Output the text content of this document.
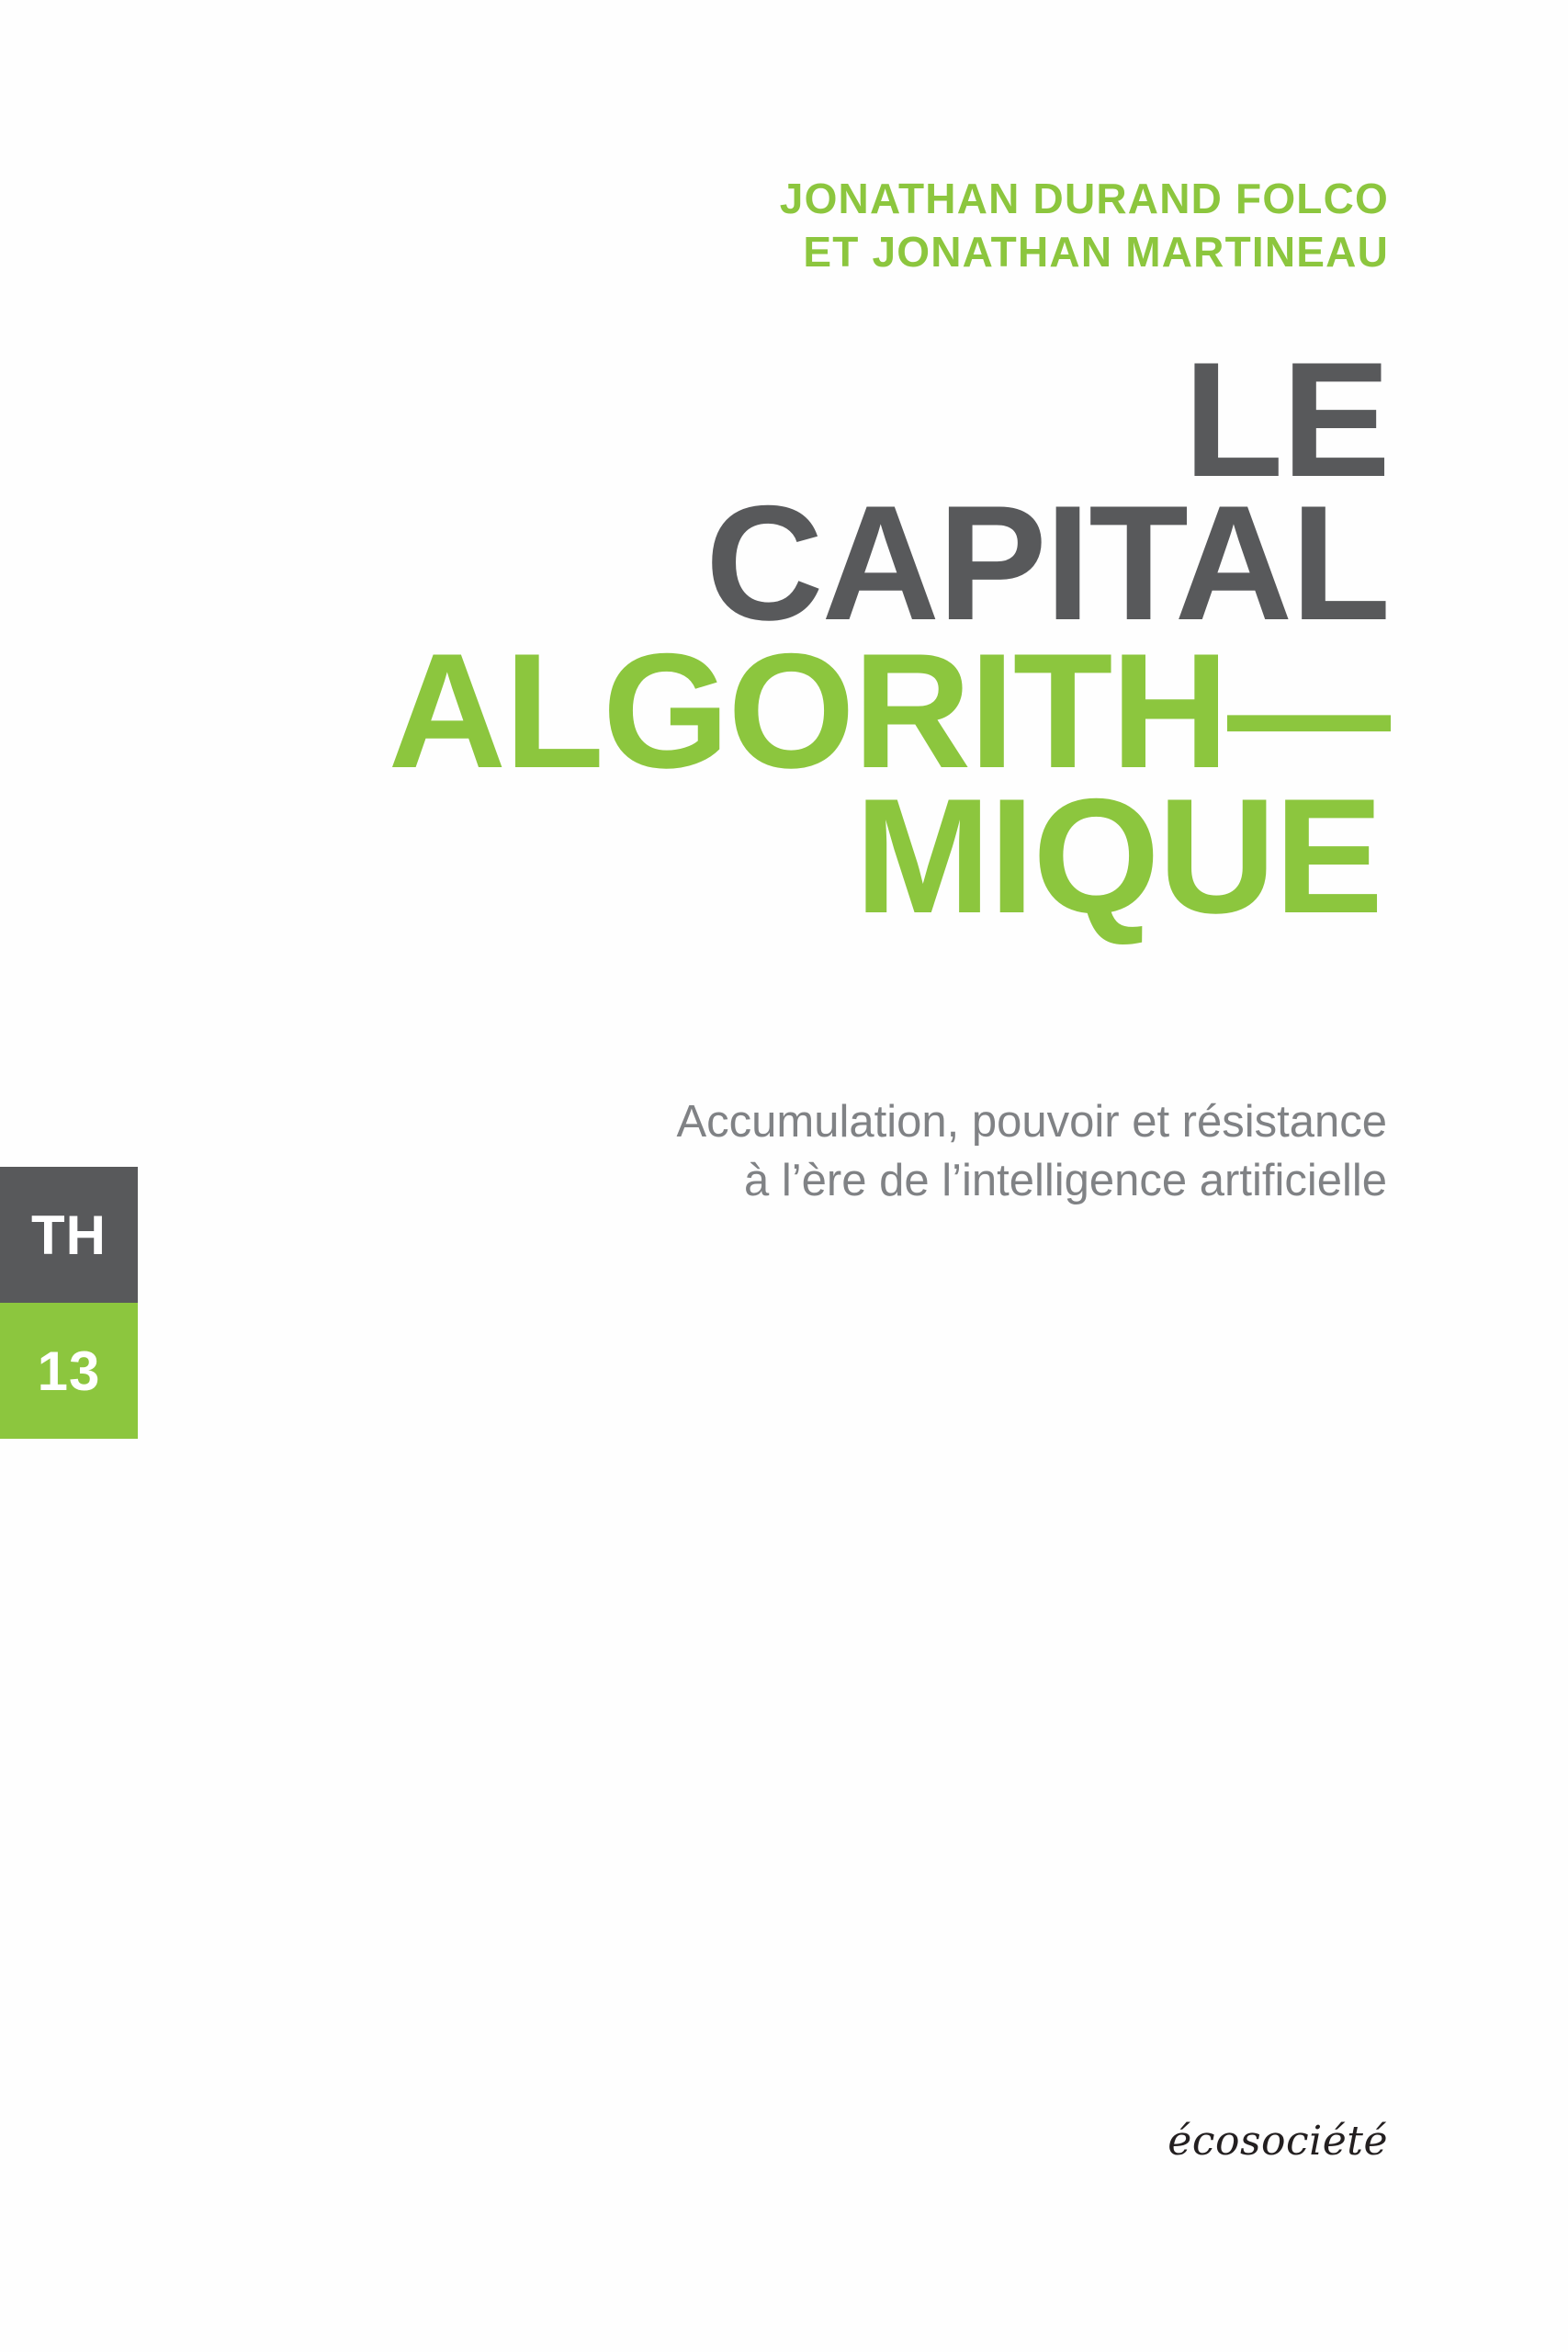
JONATHAN DURAND FOLCO
ET JONATHAN MARTINEAU
LE
CAPITAL
ALGORITH—
MIQUE
Accumulation, pouvoir et résistance
à l’ère de l’intelligence artificielle
TH
13
écosociété
